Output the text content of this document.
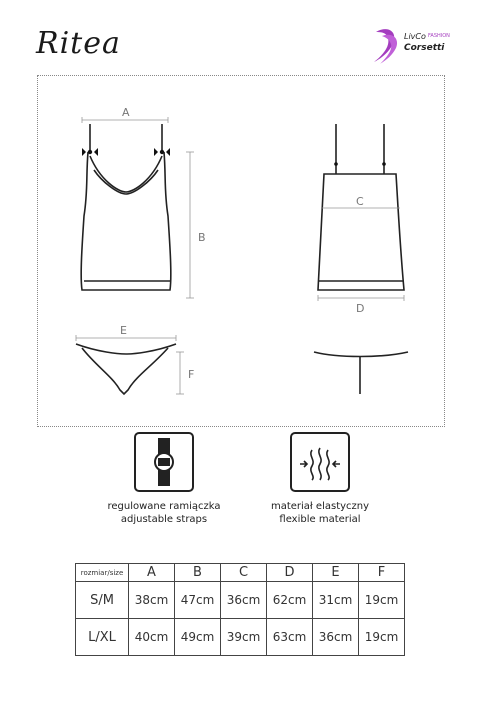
Ritea	LivCo FASHION
Corsetti
A
B
C
D
E
F
regulowane ramiączka
adjustable straps
materiał elastyczny
flexible material
rozmiar/size	A	B	C	D	E	F
S/M	38cm	47cm	36cm	62cm	31cm	19cm
L/XL	40cm	49cm	39cm	63cm	36cm	19cm
